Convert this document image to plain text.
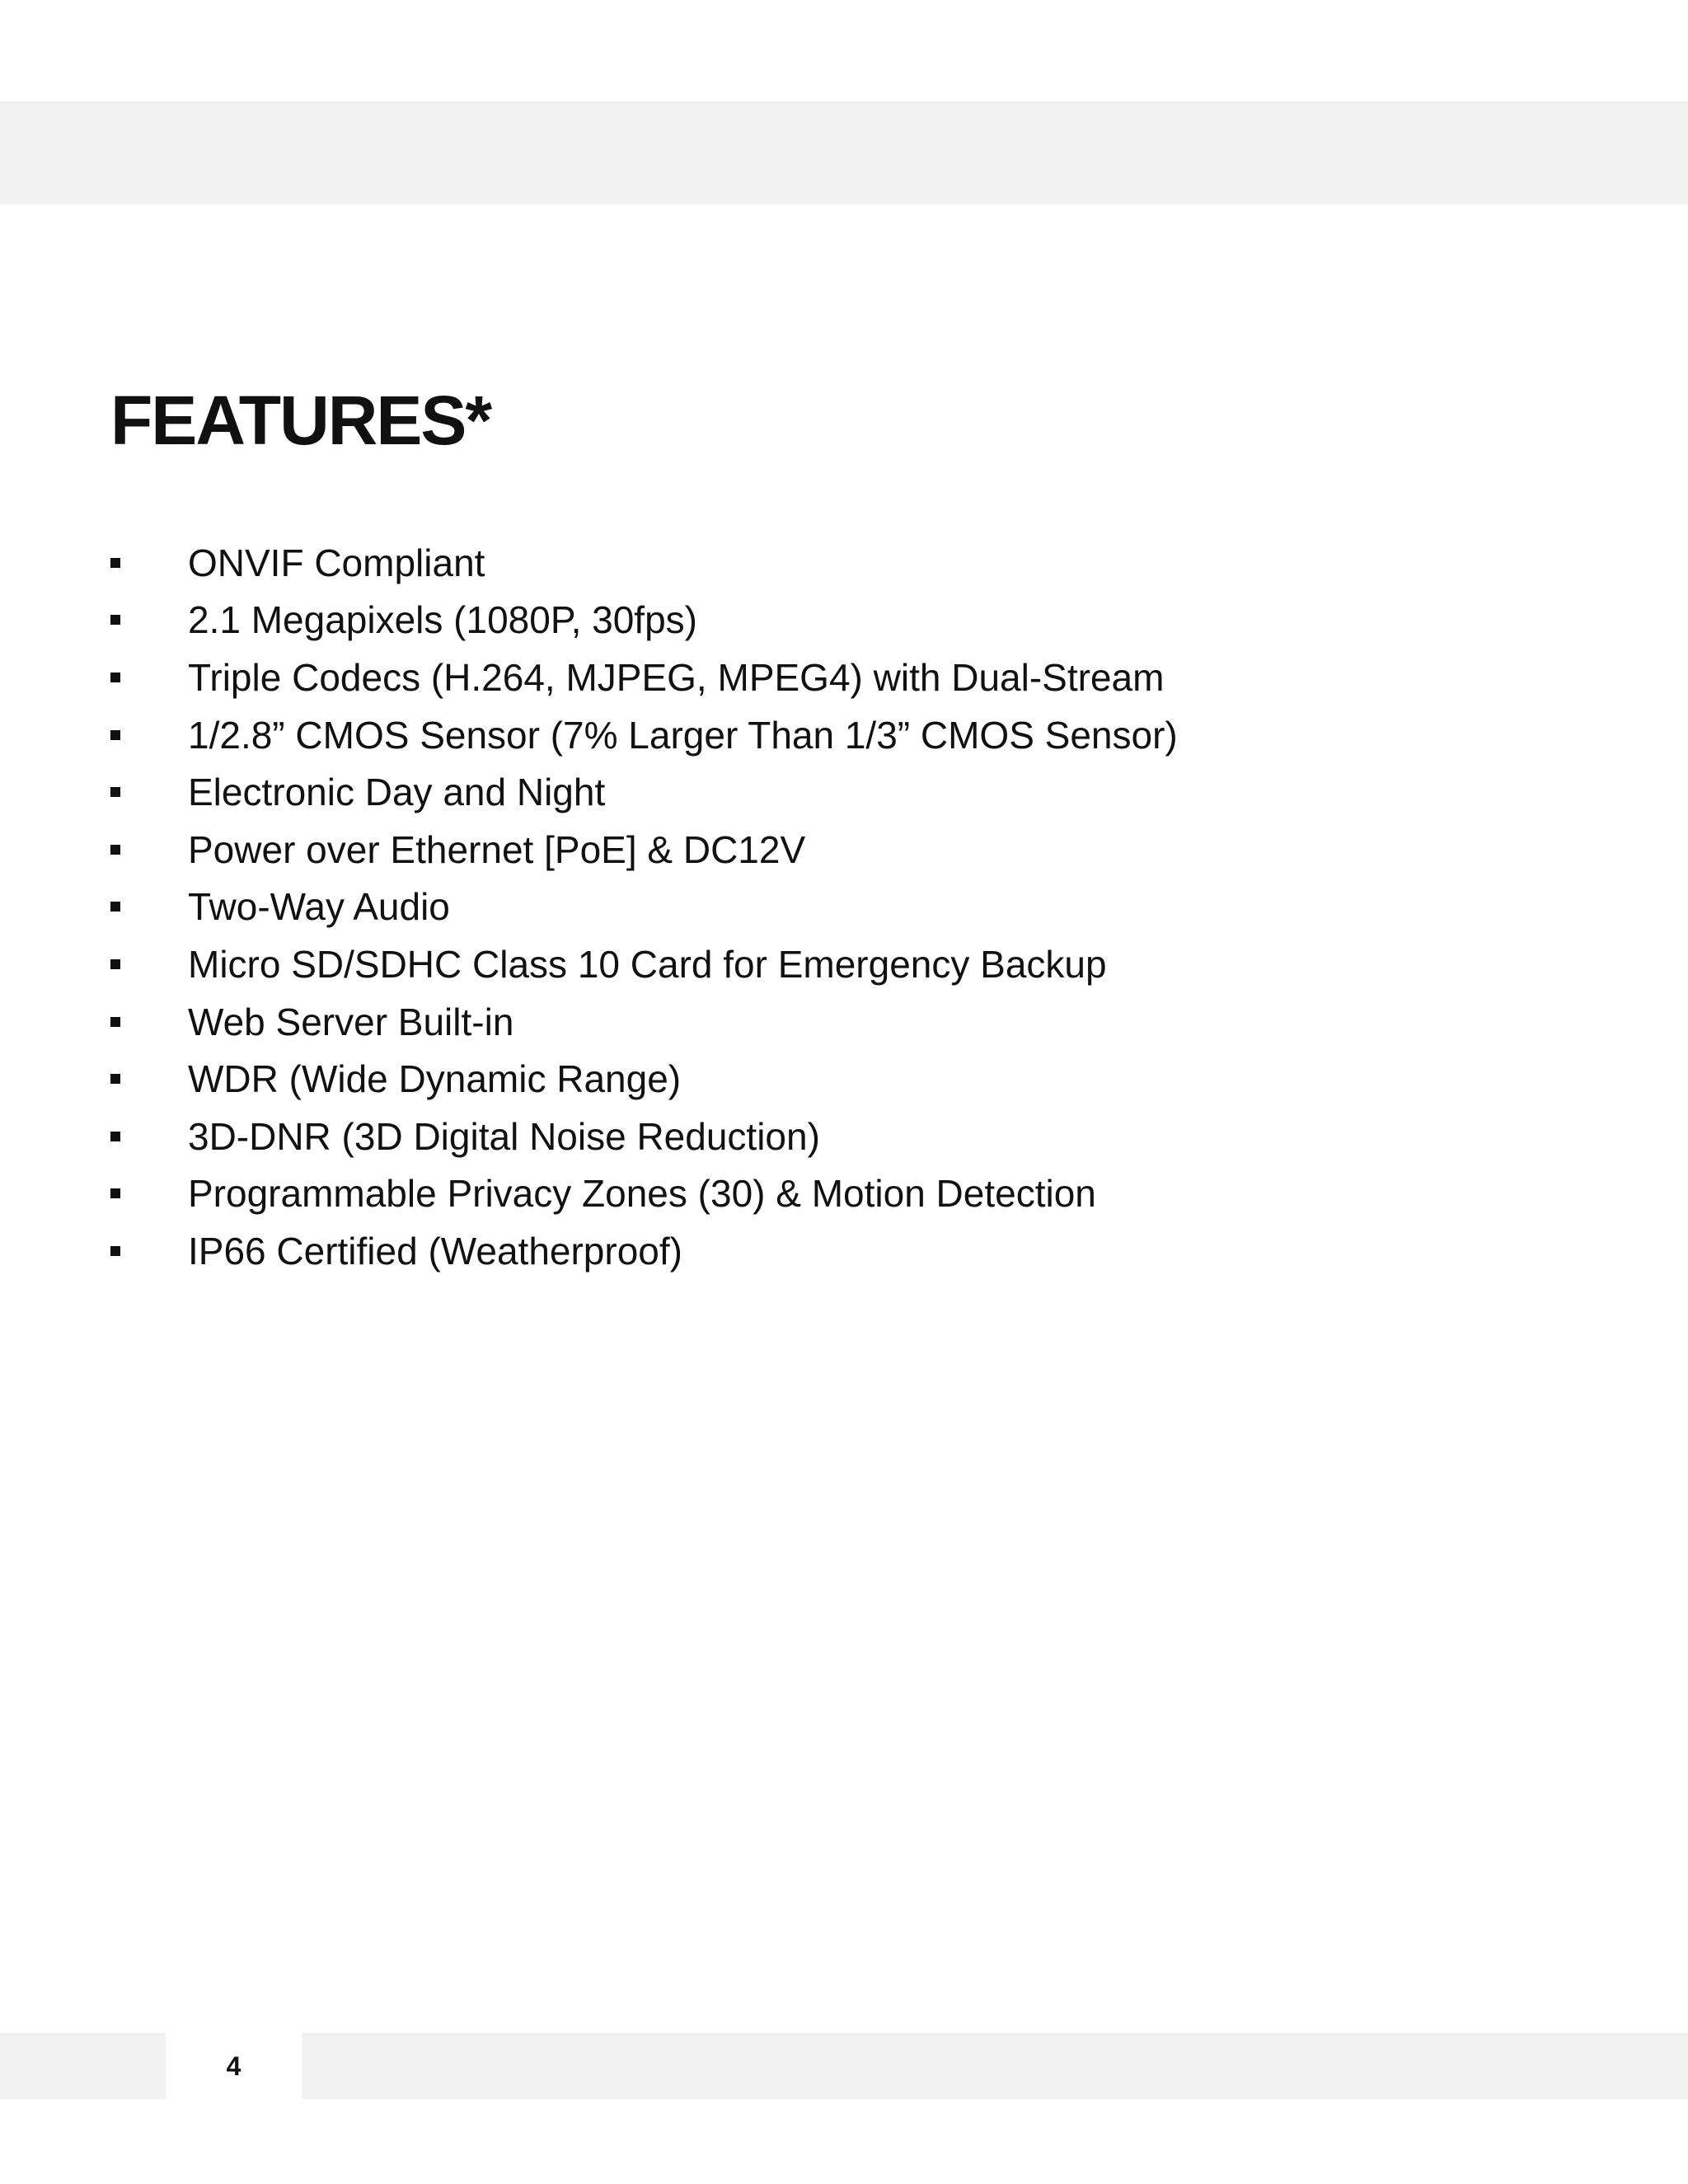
FEATURES*
ONVIF Compliant
2.1 Megapixels (1080P, 30fps)
Triple Codecs (H.264, MJPEG, MPEG4) with Dual-Stream
1/2.8” CMOS Sensor (7% Larger Than 1/3” CMOS Sensor)
Electronic Day and Night
Power over Ethernet [PoE] & DC12V
Two-Way Audio
Micro SD/SDHC Class 10 Card for Emergency Backup
Web Server Built-in
WDR (Wide Dynamic Range)
3D-DNR (3D Digital Noise Reduction)
Programmable Privacy Zones (30) & Motion Detection
IP66 Certified (Weatherproof)
4
